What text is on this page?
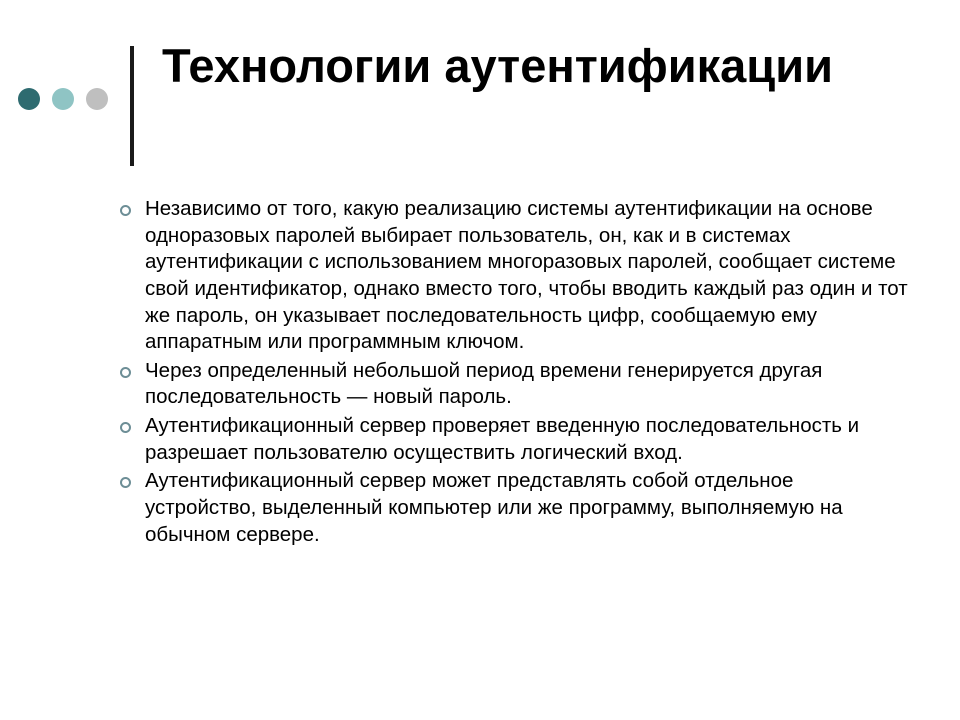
Технологии аутентификации
Независимо от того, какую реализацию системы аутентификации на основе одноразовых паролей выбирает пользователь, он, как и в системах аутентификации с использованием многоразовых паролей, сообщает системе свой идентификатор, однако вместо того, чтобы вводить каждый раз один и тот же пароль, он указывает последовательность цифр, сообщаемую ему аппаратным или программным ключом.
Через определенный небольшой период времени генерируется другая последовательность — новый пароль.
Аутентификационный сервер проверяет введенную последовательность и разрешает пользователю осуществить логический вход.
Аутентификационный сервер может представлять собой отдельное устройство, выделенный компьютер или же программу, выполняемую на обычном сервере.
